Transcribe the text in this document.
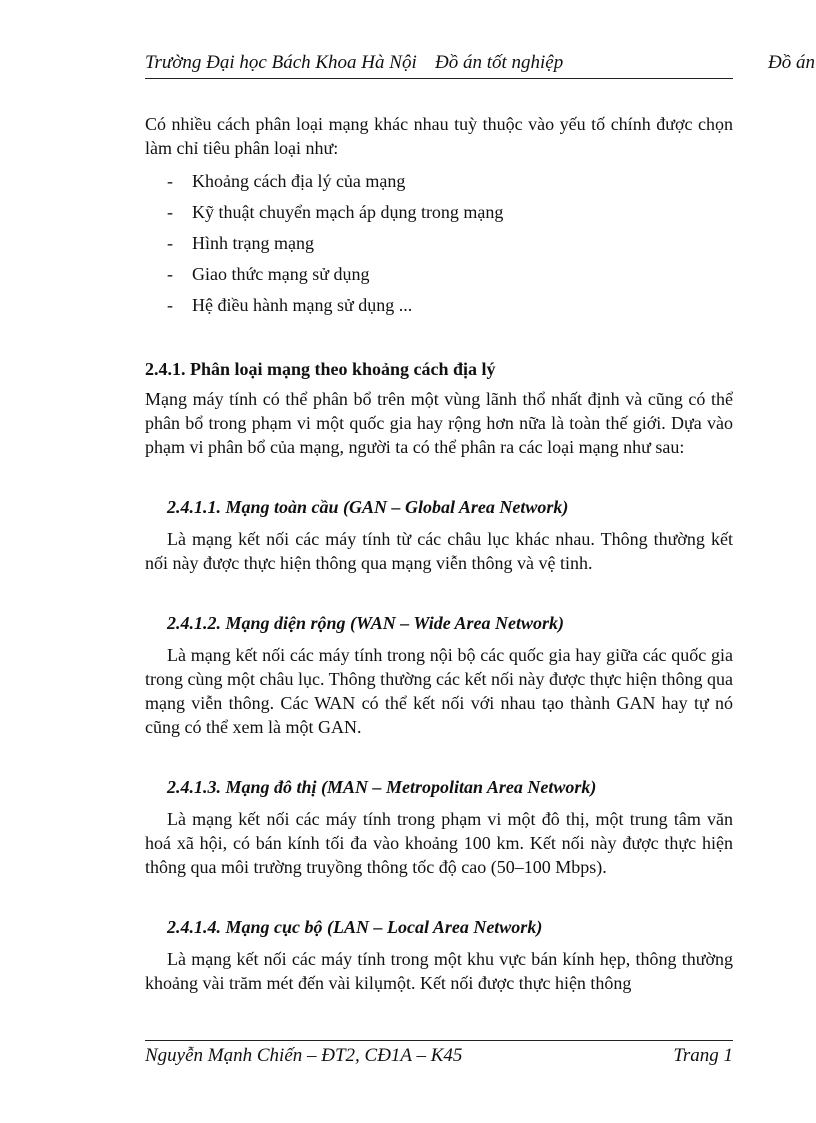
Trường Đại học Bách Khoa Hà Nội Đồ án tốt nghiệp	Đồ án

Có nhiều cách phân loại mạng khác nhau tuỳ thuộc vào yếu tố chính được chọn làm chỉ tiêu phân loại như:

- Khoảng cách địa lý của mạng
- Kỹ thuật chuyển mạch áp dụng trong mạng
- Hình trạng mạng
- Giao thức mạng sử dụng
- Hệ điều hành mạng sử dụng ...
2.4.1. Phân loại mạng theo khoảng cách địa lý

Mạng máy tính có thể phân bổ trên một vùng lãnh thổ nhất định và cũng có thể phân bổ trong phạm vi một quốc gia hay rộng hơn nữa là toàn thế giới. Dựa vào phạm vi phân bổ của mạng, người ta có thể phân ra các loại mạng như sau:

2.4.1.1. Mạng toàn cầu (GAN – Global Area Network)

Là mạng kết nối các máy tính từ các châu lục khác nhau. Thông thường kết nối này được thực hiện thông qua mạng viễn thông và vệ tinh.

2.4.1.2. Mạng diện rộng (WAN – Wide Area Network)

Là mạng kết nối các máy tính trong nội bộ các quốc gia hay giữa các quốc gia trong cùng một châu lục. Thông thường các kết nối này được thực hiện thông qua mạng viễn thông. Các WAN có thể kết nối với nhau tạo thành GAN hay tự nó cũng có thể xem là một GAN.

2.4.1.3. Mạng đô thị (MAN – Metropolitan Area Network)

Là mạng kết nối các máy tính trong phạm vi một đô thị, một trung tâm văn hoá xã hội, có bán kính tối đa vào khoảng 100 km. Kết nối này được thực hiện thông qua môi trường truyồng thông tốc độ cao (50–100 Mbps).

2.4.1.4. Mạng cục bộ (LAN – Local Area Network)

Là mạng kết nối các máy tính trong một khu vực bán kính hẹp, thông thường khoảng vài trăm mét đến vài kilụmột. Kết nối được thực hiện thông

Nguyễn Mạnh Chiến – ĐT2, CĐ1A – K45	Trang 1
